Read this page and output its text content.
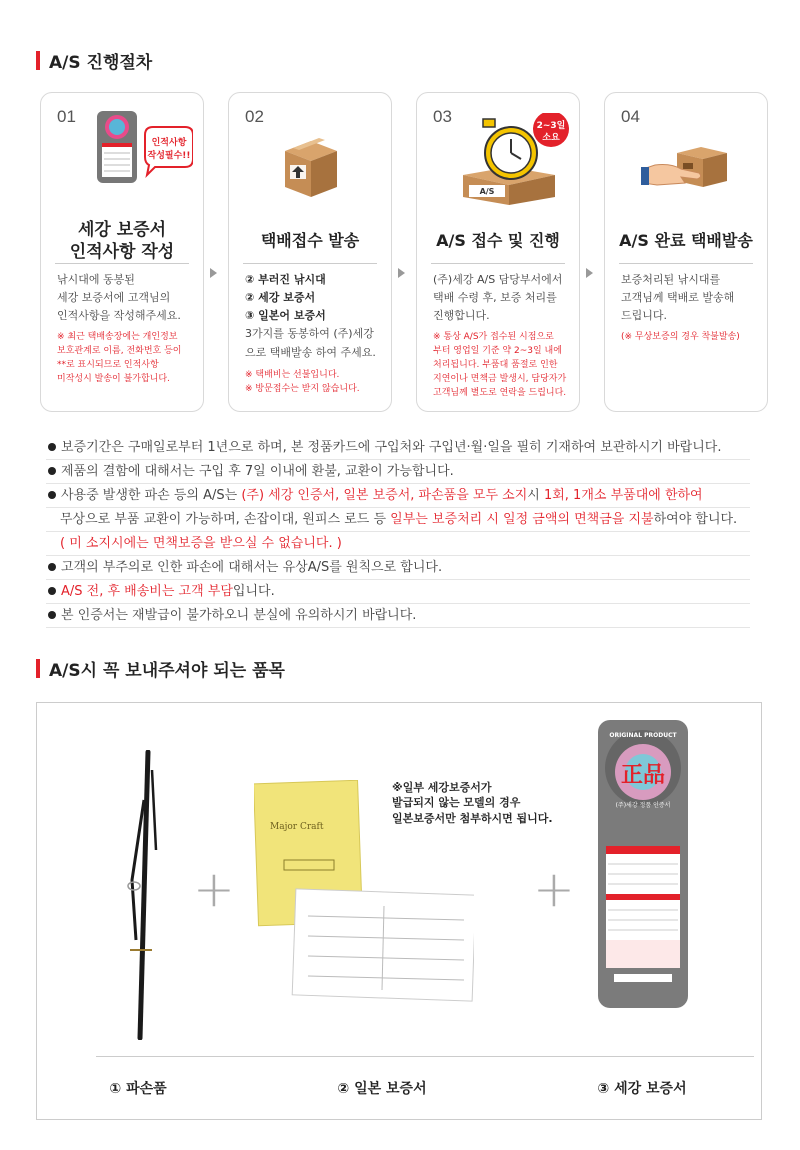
A/S 진행절차
01
인적사항
작성필수!!
세강 보증서
인적사항 작성
낚시대에 동봉된
세강 보증서에 고객님의
인적사항을 작성해주세요.
※ 최근 택배송장에는 개인정보
보호관계로 이름, 전화번호 등이
**로 표시되므로 인적사항
미작성시 발송이 불가합니다.
02
택배접수 발송
② 부러진 낚시대
② 세강 보증서
③ 일본어 보증서
3가지를 동봉하여 (주)세강
으로 택배발송 하여 주세요.
※ 택배비는 선불입니다.
※ 방문접수는 받지 않습니다.
03	2~3일
소요
A/S
A/S 접수 및 진행
(주)세강 A/S 담당부서에서
택배 수령 후, 보증 처리를
진행합니다.
※ 통상 A/S가 접수된 시점으로
부터 영업일 기준 약 2~3일 내에
처리됩니다. 부품대 품절로 인한
지연이나 면책금 발생시, 담당자가
고객님께 별도로 연락을 드립니다.
04
A/S 완료 택배발송
보증처리된 낚시대를
고객님께 택배로 발송해
드립니다.
(※ 무상보증의 경우 착불발송)
보증기간은 구매일로부터 1년으로 하며, 본 정품카드에 구입처와 구입년·월·일을 필히 기재하여 보관하시기 바랍니다.
제품의 결함에 대해서는 구입 후 7일 이내에 환불, 교환이 가능합니다.
사용중 발생한 파손 등의 A/S는 (주) 세강 인증서, 일본 보증서, 파손품을 모두 소지시 1회, 1개소 부품대에 한하여
무상으로 부품 교환이 가능하며, 손잡이대, 원피스 로드 등 일부는 보증처리 시 일정 금액의 면책금을 지불하여야 합니다.
( 미 소지시에는 면책보증을 받으실 수 없습니다. )
고객의 부주의로 인한 파손에 대해서는 유상A/S를 원칙으로 합니다.
A/S 전, 후 배송비는 고객 부담입니다.
본 인증서는 재발급이 불가하오니 분실에 유의하시기 바랍니다.
A/S시 꼭 보내주셔야 되는 품목
+
Major Craft
※일부 세강보증서가
발급되지 않는 모델의 경우
일본보증서만 첨부하시면 됩니다.
+
ORIGINAL PRODUCT
正品
(주)세강 정품 인증서
① 파손품	② 일본 보증서	③ 세강 보증서
